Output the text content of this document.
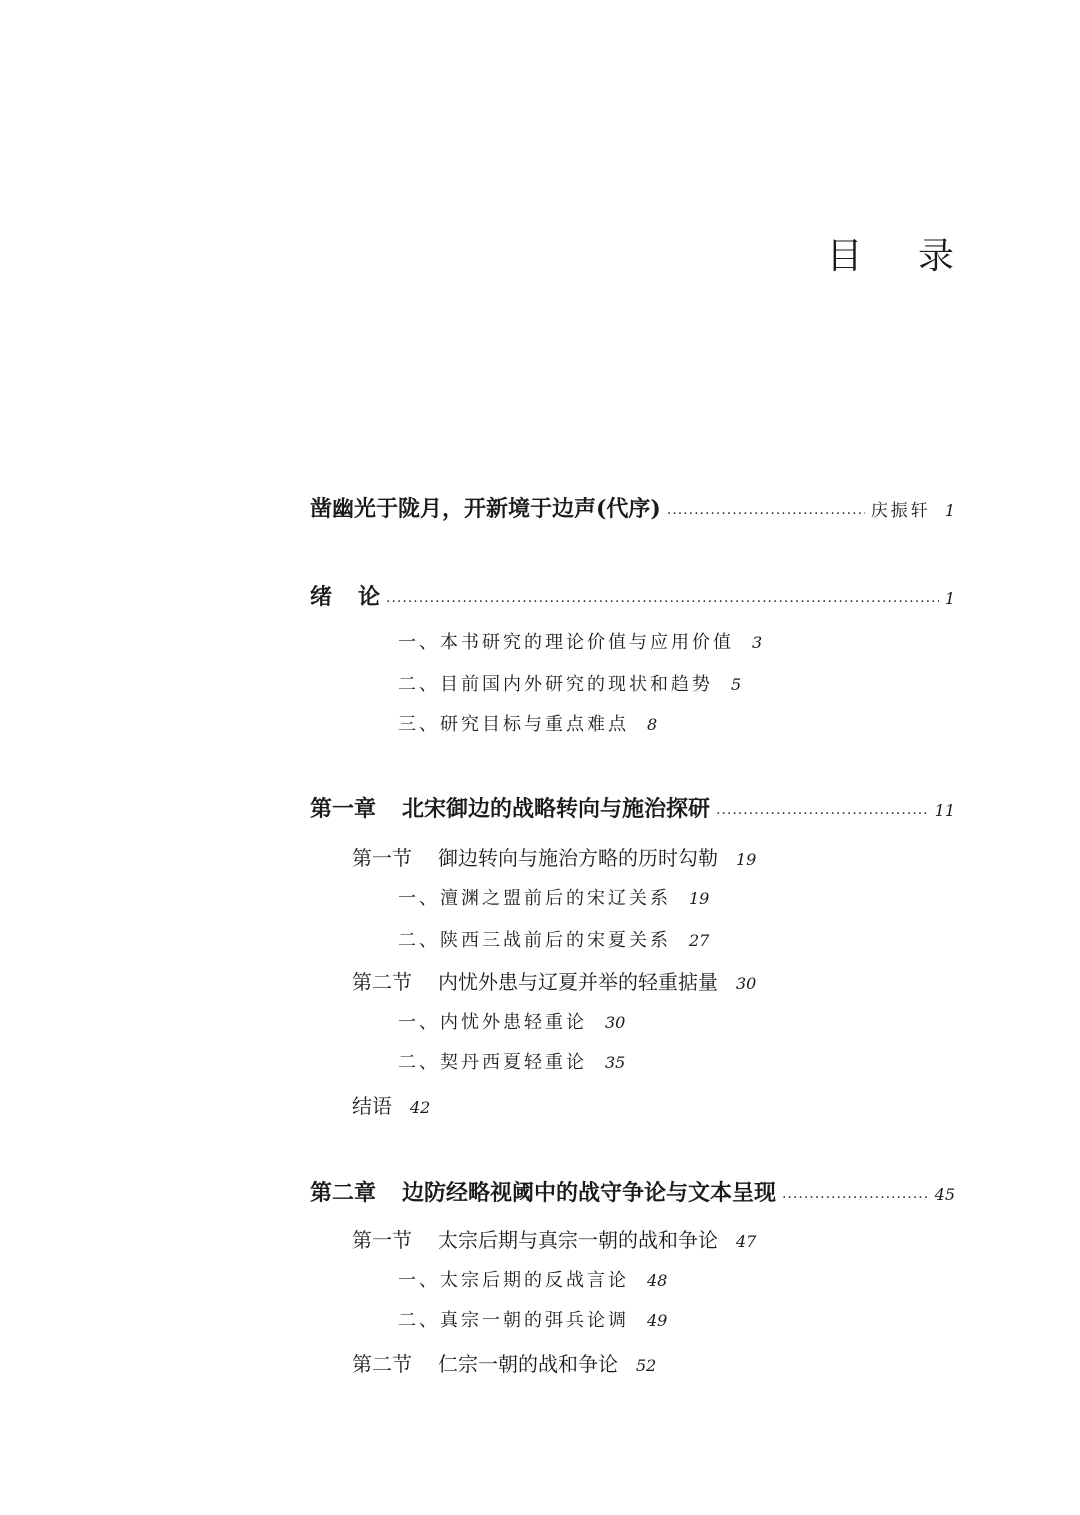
目 录
凿幽光于陇月，开新境于边声(代序) .....	庆振轩 1
绪 论 .....	1
一、本书研究的理论价值与应用价值 3
二、目前国内外研究的现状和趋势 5
三、研究目标与重点难点 8
第一章 北宋御边的战略转向与施治探研 .....	11
第一节 御边转向与施治方略的历时勾勒 19
一、澶渊之盟前后的宋辽关系 19
二、陕西三战前后的宋夏关系 27
第二节 内忧外患与辽夏并举的轻重掂量 30
一、内忧外患轻重论 30
二、契丹西夏轻重论 35
结语 42
第二章 边防经略视阈中的战守争论与文本呈现 .....	45
第一节 太宗后期与真宗一朝的战和争论 47
一、太宗后期的反战言论 48
二、真宗一朝的弭兵论调 49
第二节 仁宗一朝的战和争论 52
